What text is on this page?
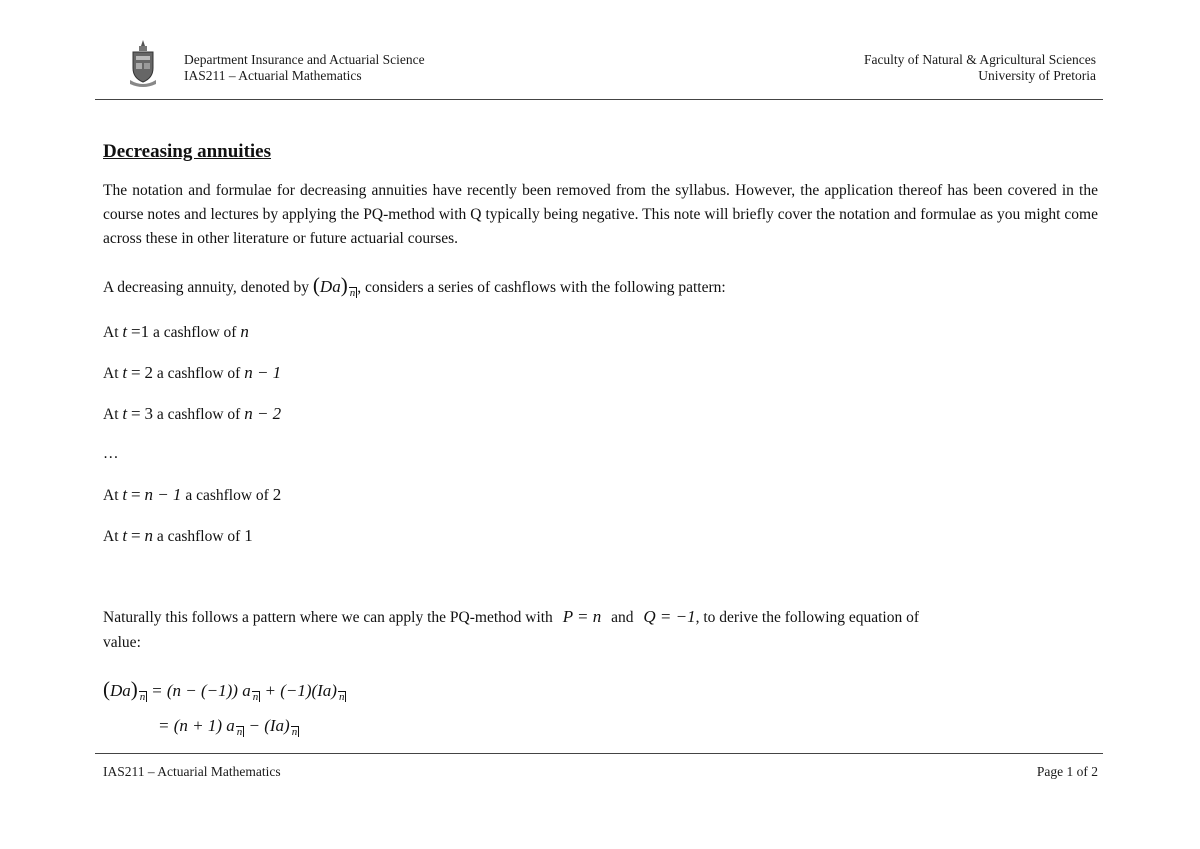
Department Insurance and Actuarial Science
IAS211 – Actuarial Mathematics
Faculty of Natural & Agricultural Sciences
University of Pretoria
Decreasing annuities
The notation and formulae for decreasing annuities have recently been removed from the syllabus. However, the application thereof has been covered in the course notes and lectures by applying the PQ-method with Q typically being negative. This note will briefly cover the notation and formulae as you might come across these in other literature or future actuarial courses.
A decreasing annuity, denoted by (Da) n , considers a series of cashflows with the following pattern:
At t =1 a cashflow of n
At t = 2 a cashflow of n − 1
At t = 3 a cashflow of n − 2
…
At t = n − 1 a cashflow of 2
At t = n a cashflow of 1
Naturally this follows a pattern where we can apply the PQ-method with P = n and Q = −1, to derive the following equation of
value:
(Da) n = (n − (−1)) a n + (−1)(Ia) n
= (n + 1) a n − (Ia) n
IAS211 – Actuarial Mathematics	Page 1 of 2
